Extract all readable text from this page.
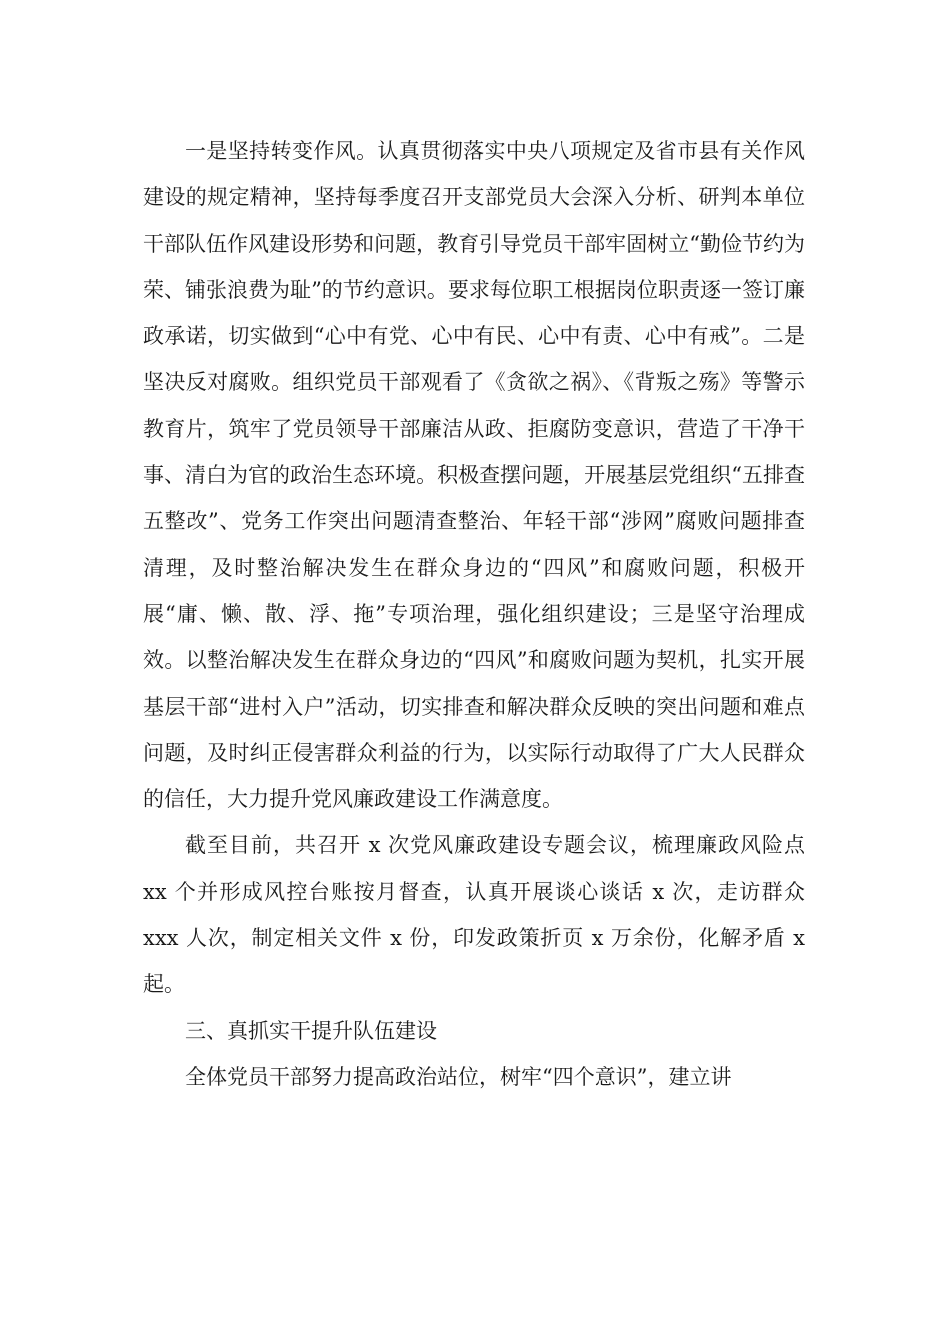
一是坚持转变作风。认真贯彻落实中央八项规定及省市县有关作风建设的规定精神，坚持每季度召开支部党员大会深入分析、研判本单位干部队伍作风建设形势和问题，教育引导党员干部牢固树立“勤俭节约为荣、铺张浪费为耻”的节约意识。要求每位职工根据岗位职责逐一签订廉政承诺，切实做到“心中有党、心中有民、心中有责、心中有戒”。二是坚决反对腐败。组织党员干部观看了《贪欲之祸》、《背叛之殇》等警示教育片，筑牢了党员领导干部廉洁从政、拒腐防变意识，营造了干净干事、清白为官的政治生态环境。积极查摆问题，开展基层党组织“五排查五整改”、党务工作突出问题清查整治、年轻干部“涉网”腐败问题排查清理，及时整治解决发生在群众身边的“四风”和腐败问题，积极开展“庸、懒、散、浮、拖”专项治理，强化组织建设；三是坚守治理成效。以整治解决发生在群众身边的“四风”和腐败问题为契机，扎实开展基层干部“进村入户”活动，切实排查和解决群众反映的突出问题和难点问题，及时纠正侵害群众利益的行为，以实际行动取得了广大人民群众的信任，大力提升党风廉政建设工作满意度。

截至目前，共召开 x 次党风廉政建设专题会议，梳理廉政风险点 xx 个并形成风控台账按月督查，认真开展谈心谈话 x 次，走访群众 xxx 人次，制定相关文件 x 份，印发政策折页 x 万余份，化解矛盾 x 起。

三、真抓实干提升队伍建设

全体党员干部努力提高政治站位，树牢“四个意识”，建立讲
